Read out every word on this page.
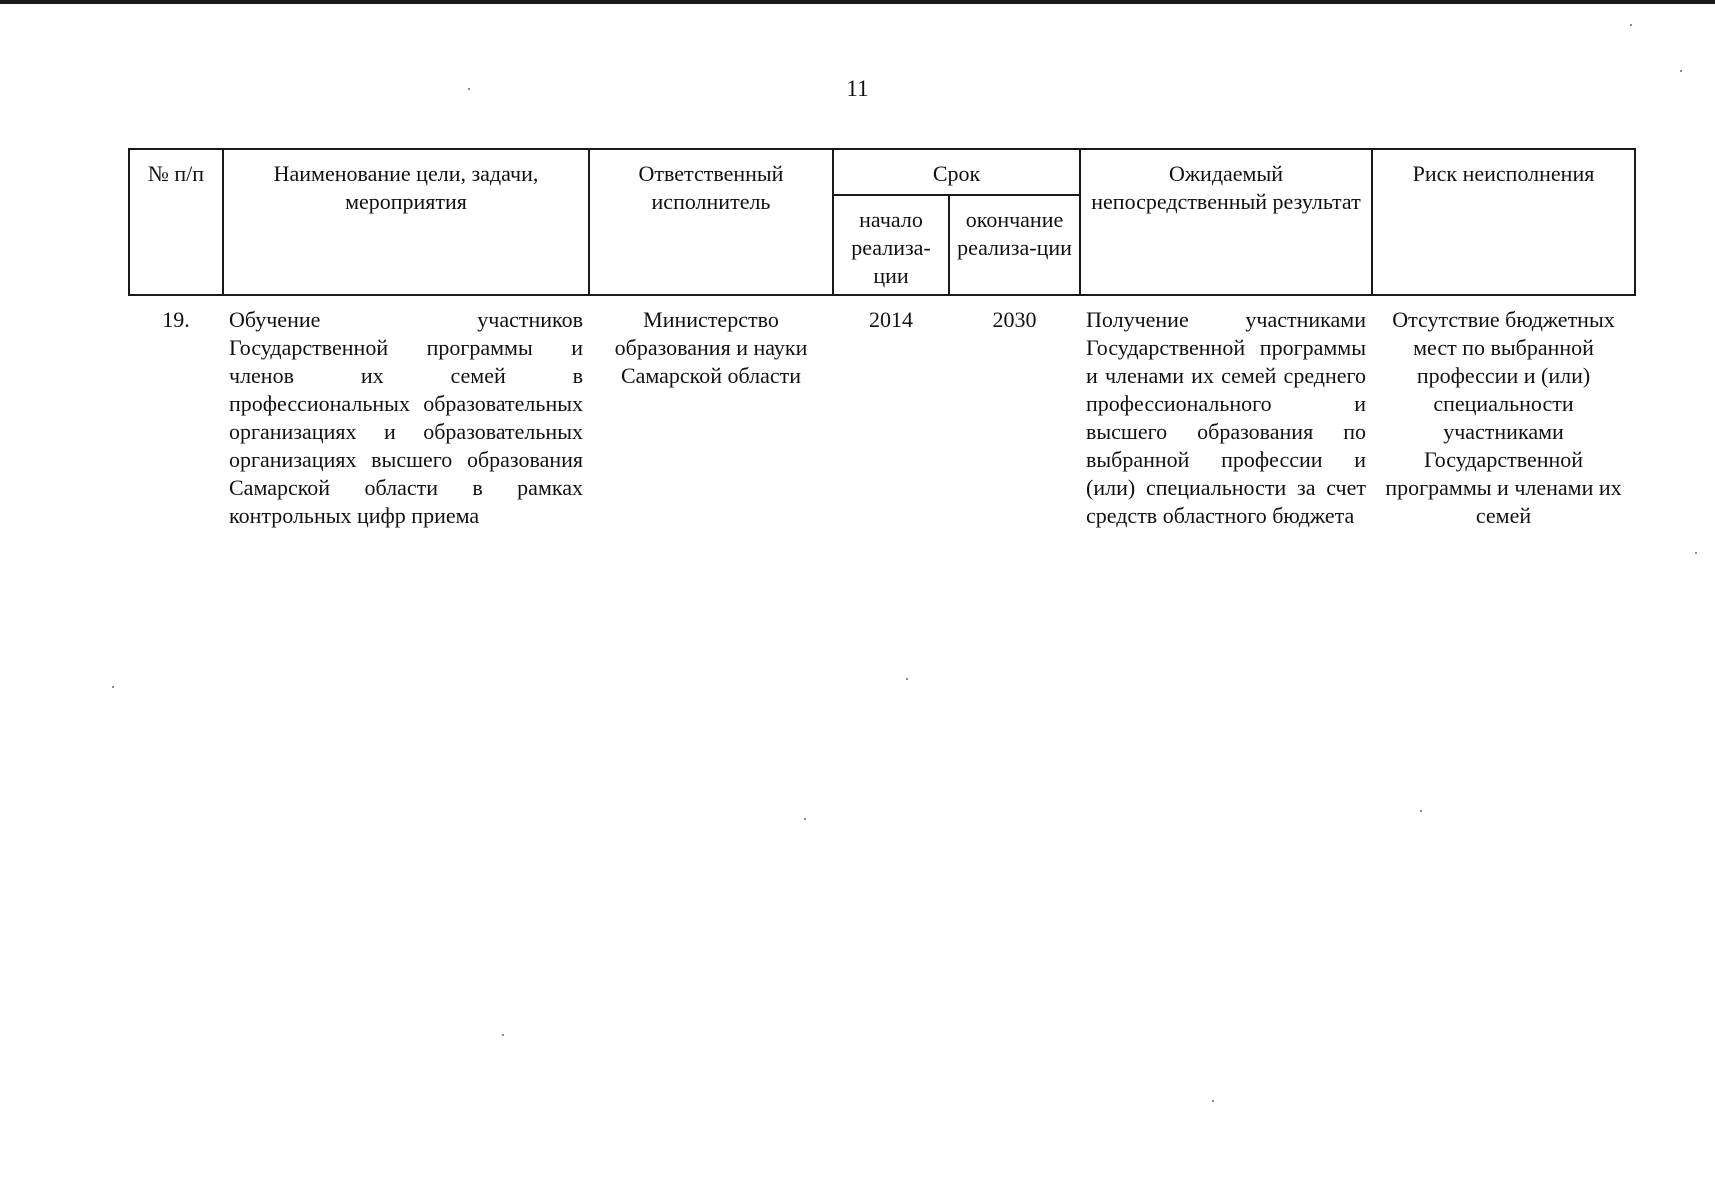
11
№ п/п	Наименование цели, задачи, мероприятия	Ответственный исполнитель	Срок		Ожидаемый непосредственный результат	Риск неисполнения
			начало реализа-ции	окончание реализа-ции		
19.	Обучение участников Государственной программы и членов их семей в профессиональных образовательных организациях и образовательных организациях высшего образования Самарской области в рамках контрольных цифр приема	Министерство образования и науки Самарской области	2014	2030	Получение участниками Государственной программы и членами их семей среднего профессионального и высшего образования по выбранной профессии и (или) специальности за счет средств областного бюджета	Отсутствие бюджетных мест по выбранной профессии и (или) специальности участниками Государственной программы и членами их семей
